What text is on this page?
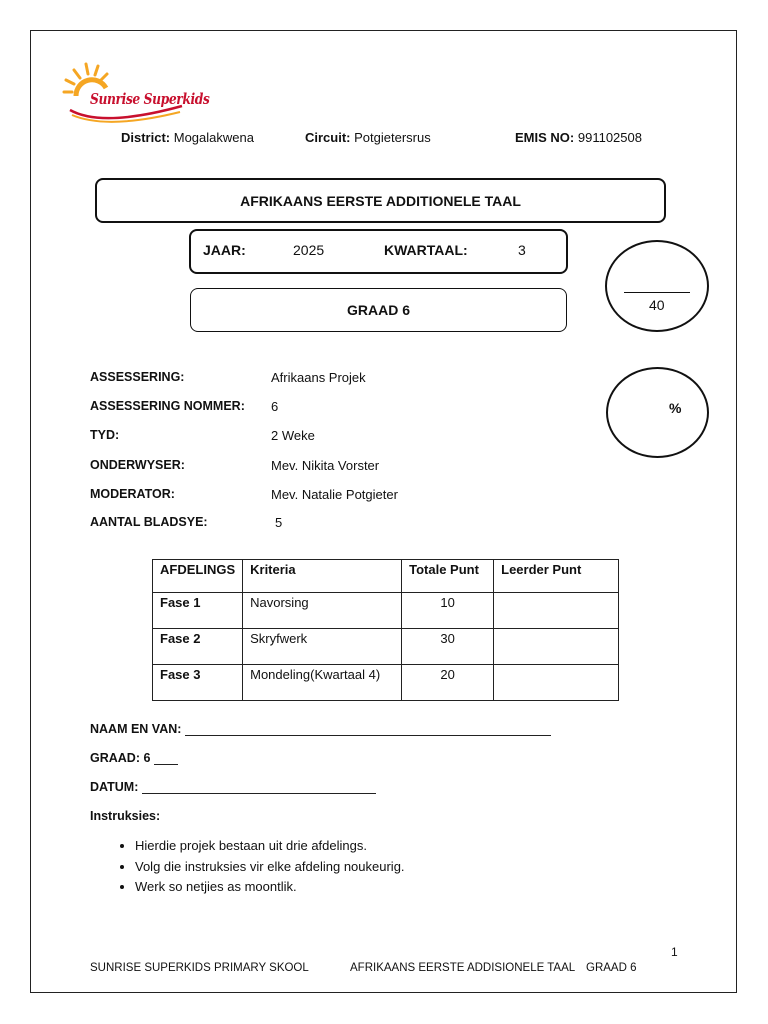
Sunrise Superkids
District: Mogalakwena	Circuit: Potgietersrus	EMIS NO: 991102508
AFRIKAANS EERSTE ADDITIONELE TAAL
JAAR:	2025	KWARTAAL:	3
GRAAD 6	40
%
ASSESSERING:	Afrikaans Projek
ASSESSERING NOMMER: 6
TYD:	2 Weke
ONDERWYSER:	Mev. Nikita Vorster
MODERATOR:	Mev. Natalie Potgieter
AANTAL BLADSYE:	5
AFDELINGS	Kriteria	Totale Punt	Leerder Punt
Fase 1	Navorsing	10	
Fase 2	Skryfwerk	30	
Fase 3	Mondeling(Kwartaal 4)	20	
NAAM EN VAN:
GRAAD: 6
DATUM:
Instruksies:
• Hierdie projek bestaan uit drie afdelings.
• Volg die instruksies vir elke afdeling noukeurig.
• Werk so netjies as moontlik.
1
SUNRISE SUPERKIDS PRIMARY SKOOL	AFRIKAANS EERSTE ADDISIONELE TAAL GRAAD 6
